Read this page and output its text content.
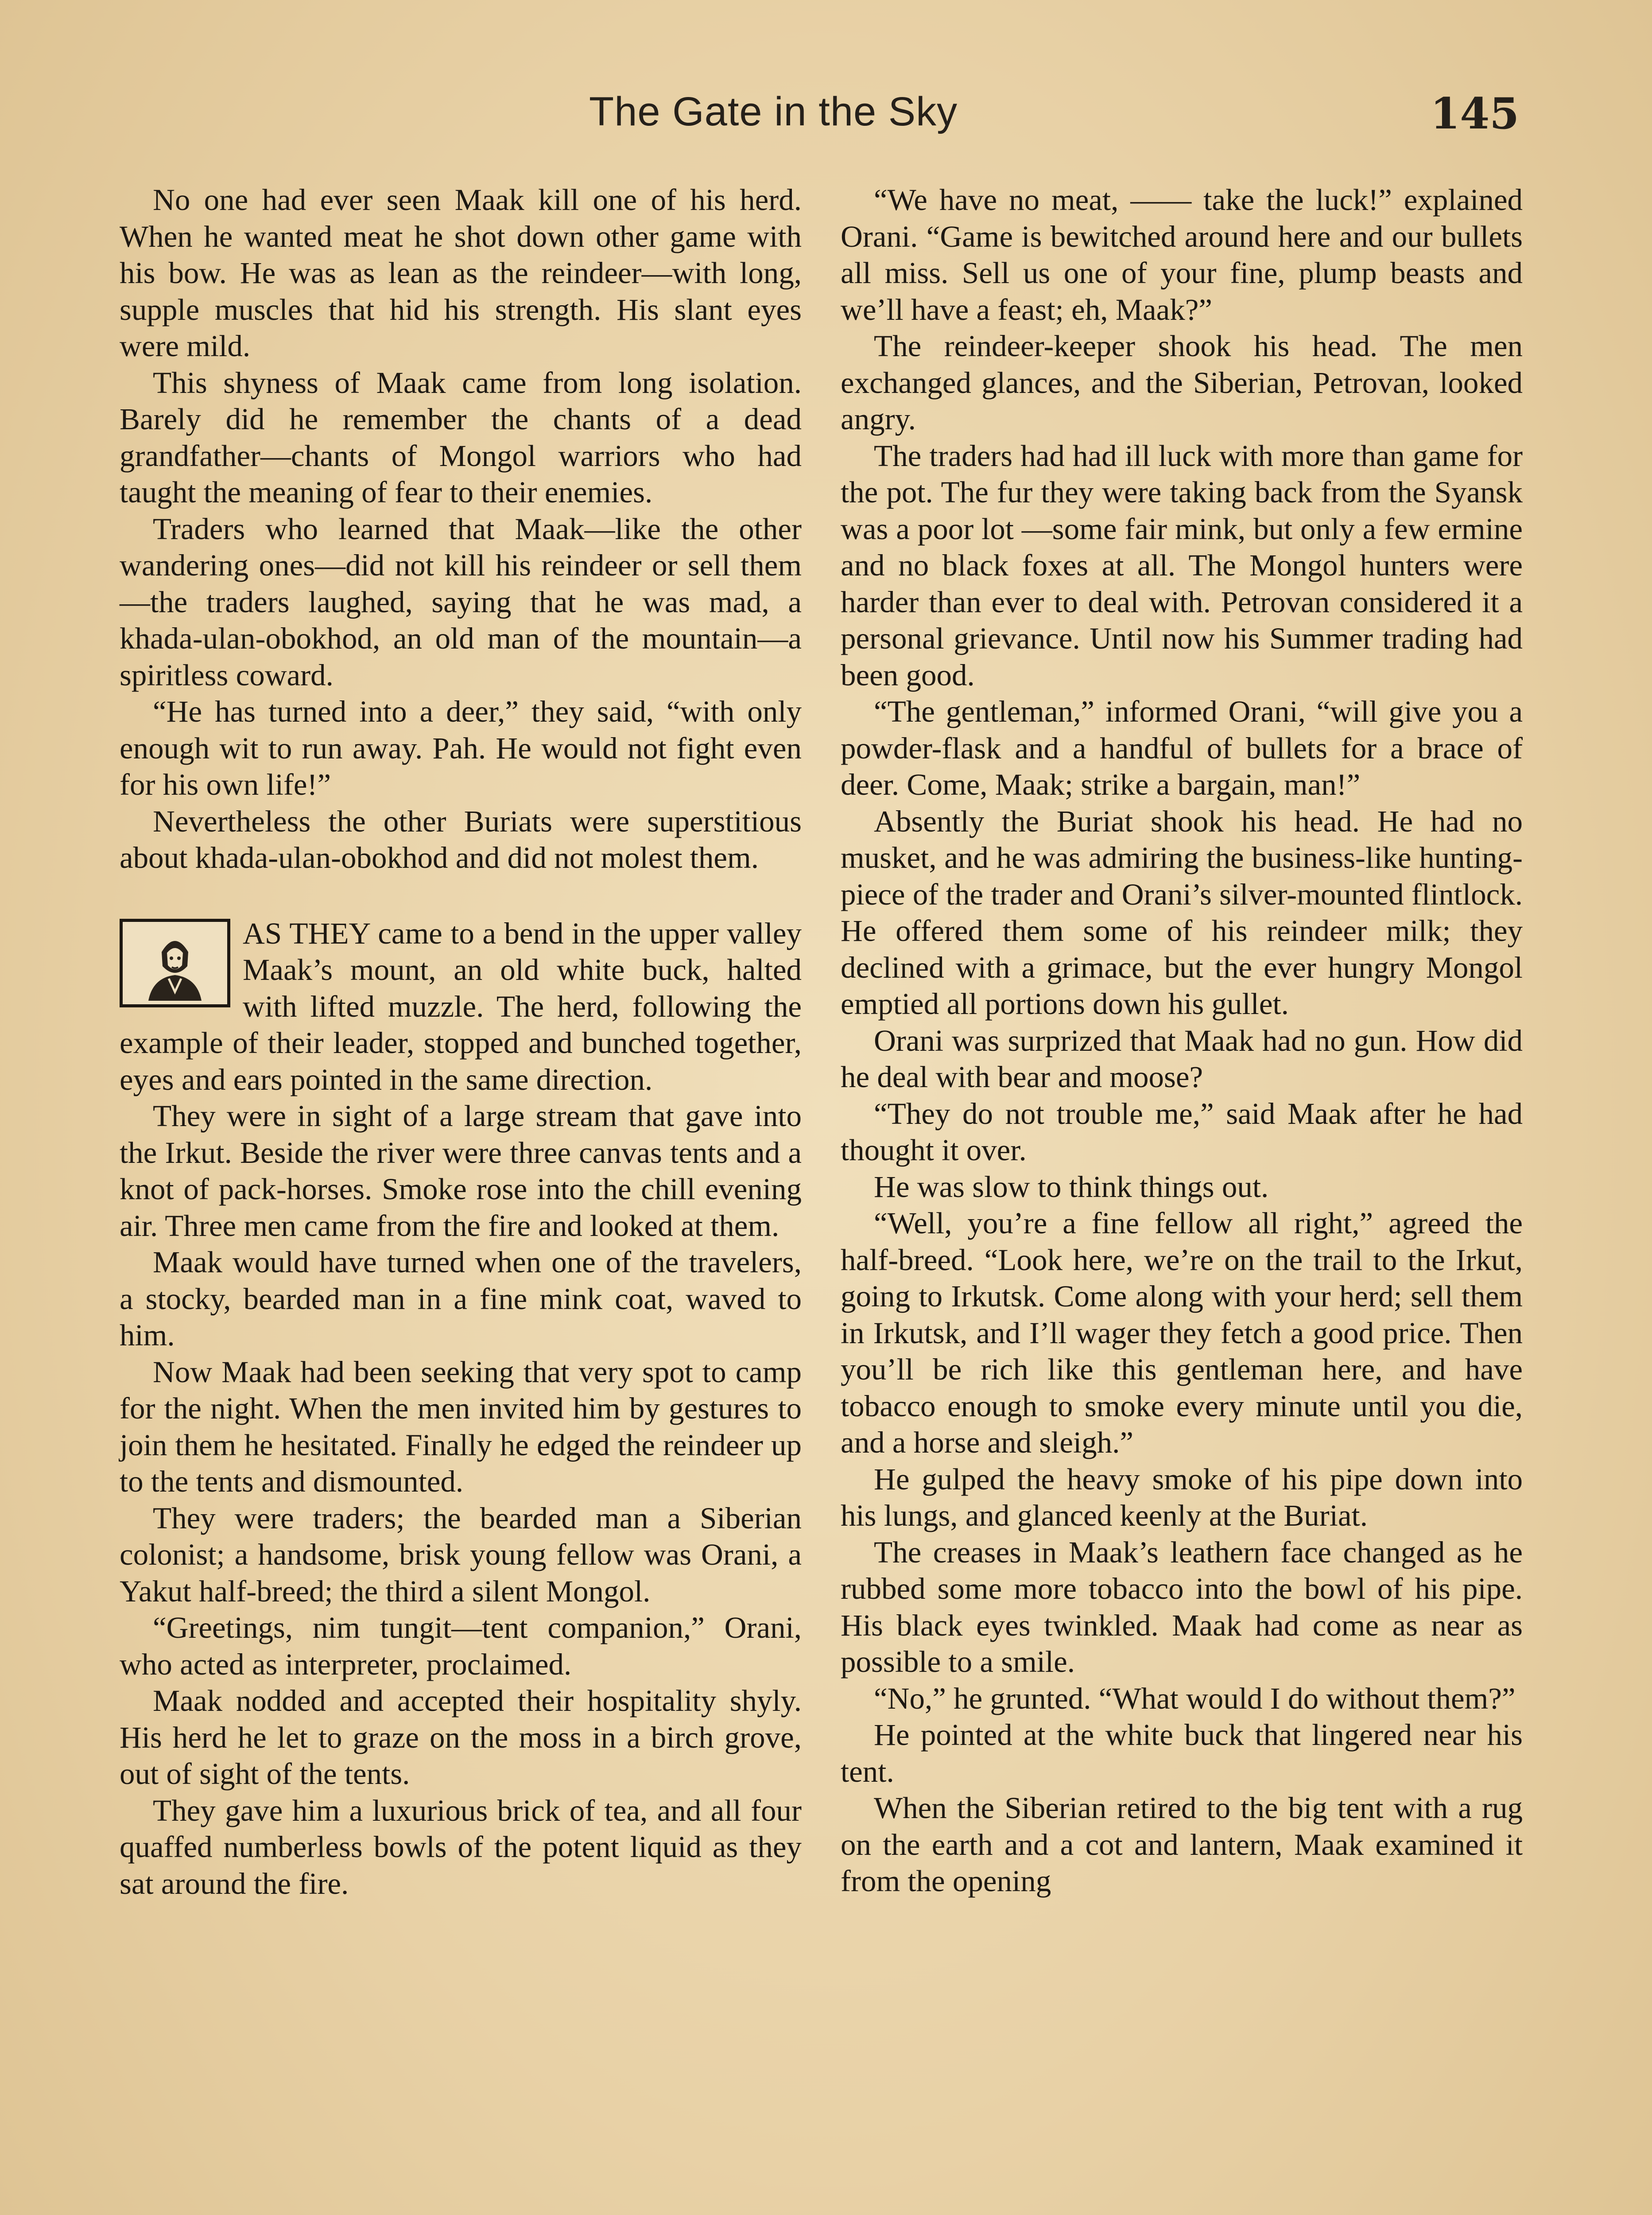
The Gate in the Sky	145

No one had ever seen Maak kill one of his herd. When he wanted meat he shot down other game with his bow. He was as lean as the reindeer—with long, supple muscles that hid his strength. His slant eyes were mild.

This shyness of Maak came from long isolation. Barely did he remember the chants of a dead grandfather—chants of Mongol warriors who had taught the meaning of fear to their enemies.

Traders who learned that Maak—like the other wandering ones—did not kill his reindeer or sell them—the traders laughed, saying that he was mad, a khada-ulan-obokhod, an old man of the mountain—a spiritless coward.

“He has turned into a deer,” they said, “with only enough wit to run away. Pah. He would not fight even for his own life!”

Nevertheless the other Buriats were superstitious about khada-ulan-obokhod and did not molest them.

AS THEY came to a bend in the upper valley Maak’s mount, an old white buck, halted with lifted muzzle. The herd, following the example of their leader, stopped and bunched together, eyes and ears pointed in the same direction.

They were in sight of a large stream that gave into the Irkut. Beside the river were three canvas tents and a knot of pack-horses. Smoke rose into the chill evening air. Three men came from the fire and looked at them.

Maak would have turned when one of the travelers, a stocky, bearded man in a fine mink coat, waved to him.

Now Maak had been seeking that very spot to camp for the night. When the men invited him by gestures to join them he hesitated. Finally he edged the reindeer up to the tents and dismounted.

They were traders; the bearded man a Siberian colonist; a handsome, brisk young fellow was Orani, a Yakut half-breed; the third a silent Mongol.

“Greetings, nim tungit—tent companion,” Orani, who acted as interpreter, proclaimed.

Maak nodded and accepted their hospitality shyly. His herd he let to graze on the moss in a birch grove, out of sight of the tents.

They gave him a luxurious brick of tea, and all four quaffed numberless bowls of the potent liquid as they sat around the fire.

“We have no meat, —— take the luck!” explained Orani. “Game is bewitched around here and our bullets all miss. Sell us one of your fine, plump beasts and we’ll have a feast; eh, Maak?”

The reindeer-keeper shook his head. The men exchanged glances, and the Siberian, Petrovan, looked angry.

The traders had had ill luck with more than game for the pot. The fur they were taking back from the Syansk was a poor lot —some fair mink, but only a few ermine and no black foxes at all. The Mongol hunters were harder than ever to deal with. Petrovan considered it a personal grievance. Until now his Summer trading had been good.

“The gentleman,” informed Orani, “will give you a powder-flask and a handful of bullets for a brace of deer. Come, Maak; strike a bargain, man!”

Absently the Buriat shook his head. He had no musket, and he was admiring the business-like hunting-piece of the trader and Orani’s silver-mounted flintlock. He offered them some of his reindeer milk; they declined with a grimace, but the ever hungry Mongol emptied all portions down his gullet.

Orani was surprized that Maak had no gun. How did he deal with bear and moose?

“They do not trouble me,” said Maak after he had thought it over.

He was slow to think things out.

“Well, you’re a fine fellow all right,” agreed the half-breed. “Look here, we’re on the trail to the Irkut, going to Irkutsk. Come along with your herd; sell them in Irkutsk, and I’ll wager they fetch a good price. Then you’ll be rich like this gentleman here, and have tobacco enough to smoke every minute until you die, and a horse and sleigh.”

He gulped the heavy smoke of his pipe down into his lungs, and glanced keenly at the Buriat.

The creases in Maak’s leathern face changed as he rubbed some more tobacco into the bowl of his pipe. His black eyes twinkled. Maak had come as near as possible to a smile.

“No,” he grunted. “What would I do without them?”

He pointed at the white buck that lingered near his tent.

When the Siberian retired to the big tent with a rug on the earth and a cot and lantern, Maak examined it from the opening
